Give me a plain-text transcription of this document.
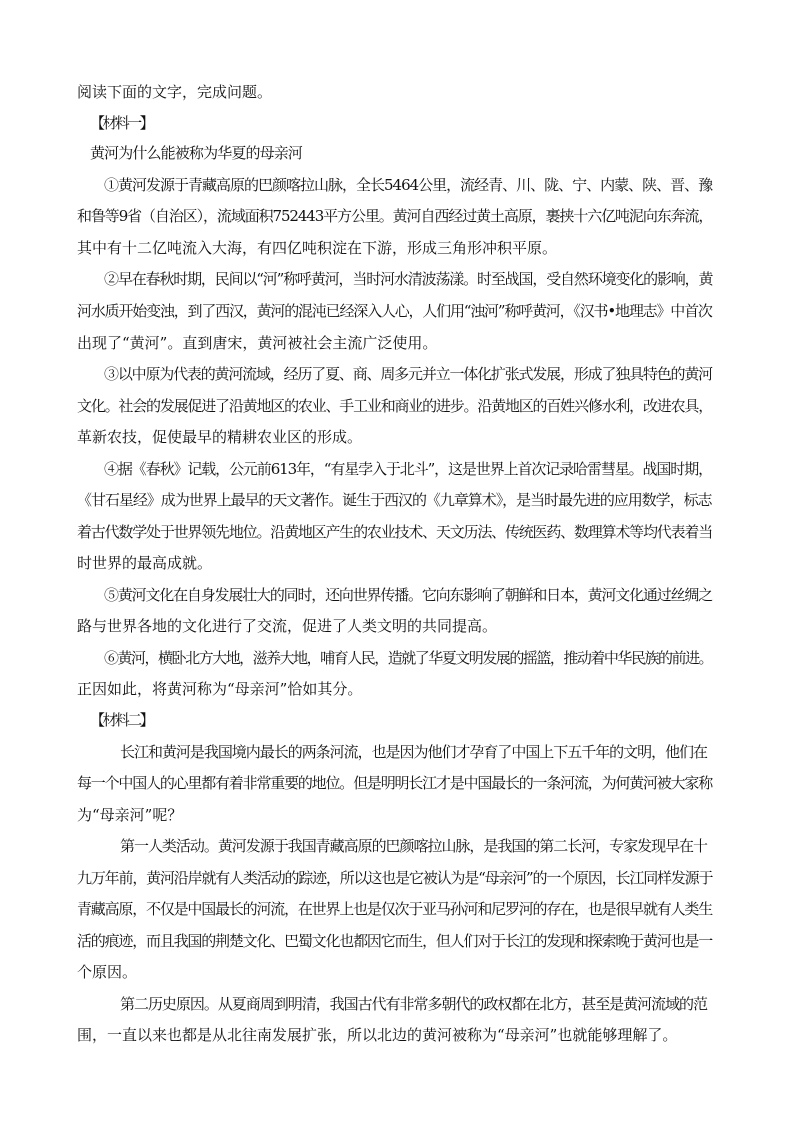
阅读下面的文字，完成问题。
【材料一】
黄河为什么能被称为华夏的母亲河
①黄河发源于青藏高原的巴颜喀拉山脉，全长5464公里，流经青、川、陇、宁、内蒙、陕、晋、豫
和鲁等9省（自治区），流域面积752443平方公里。黄河自西经过黄土高原，裹挟十六亿吨泥向东奔流，
其中有十二亿吨流入大海，有四亿吨积淀在下游，形成三角形冲积平原。
②早在春秋时期，民间以“河”称呼黄河，当时河水清波荡漾。时至战国，受自然环境变化的影响，黄
河水质开始变浊，到了西汉，黄河的混沌已经深入人心，人们用“浊河”称呼黄河，《汉书•地理志》中首次
出现了“黄河”。直到唐宋，黄河被社会主流广泛使用。
③以中原为代表的黄河流域，经历了夏、商、周多元并立一体化扩张式发展，形成了独具特色的黄河
文化。社会的发展促进了沿黄地区的农业、手工业和商业的进步。沿黄地区的百姓兴修水利，改进农具，
革新农技，促使最早的精耕农业区的形成。
④据《春秋》记载，公元前613年，“有星孛入于北斗”，这是世界上首次记录哈雷彗星。战国时期，
《甘石星经》成为世界上最早的天文著作。诞生于西汉的《九章算术》，是当时最先进的应用数学，标志
着古代数学处于世界领先地位。沿黄地区产生的农业技术、天文历法、传统医药、数理算术等均代表着当
时世界的最高成就。
⑤黄河文化在自身发展壮大的同时，还向世界传播。它向东影响了朝鲜和日本，黄河文化通过丝绸之
路与世界各地的文化进行了交流，促进了人类文明的共同提高。
⑥黄河，横卧北方大地，滋养大地，哺育人民，造就了华夏文明发展的摇篮，推动着中华民族的前进。
正因如此，将黄河称为“母亲河”恰如其分。
【材料二】
长江和黄河是我国境内最长的两条河流，也是因为他们才孕育了中国上下五千年的文明，他们在
每一个中国人的心里都有着非常重要的地位。但是明明长江才是中国最长的一条河流，为何黄河被大家称
为“母亲河”呢？
第一人类活动。黄河发源于我国青藏高原的巴颜喀拉山脉，是我国的第二长河，专家发现早在十
九万年前，黄河沿岸就有人类活动的踪迹，所以这也是它被认为是“母亲河”的一个原因，长江同样发源于
青藏高原，不仅是中国最长的河流，在世界上也是仅次于亚马孙河和尼罗河的存在，也是很早就有人类生
活的痕迹，而且我国的荆楚文化、巴蜀文化也都因它而生，但人们对于长江的发现和探索晚于黄河也是一
个原因。
第二历史原因。从夏商周到明清，我国古代有非常多朝代的政权都在北方，甚至是黄河流域的范
围，一直以来也都是从北往南发展扩张，所以北边的黄河被称为“母亲河”也就能够理解了。
